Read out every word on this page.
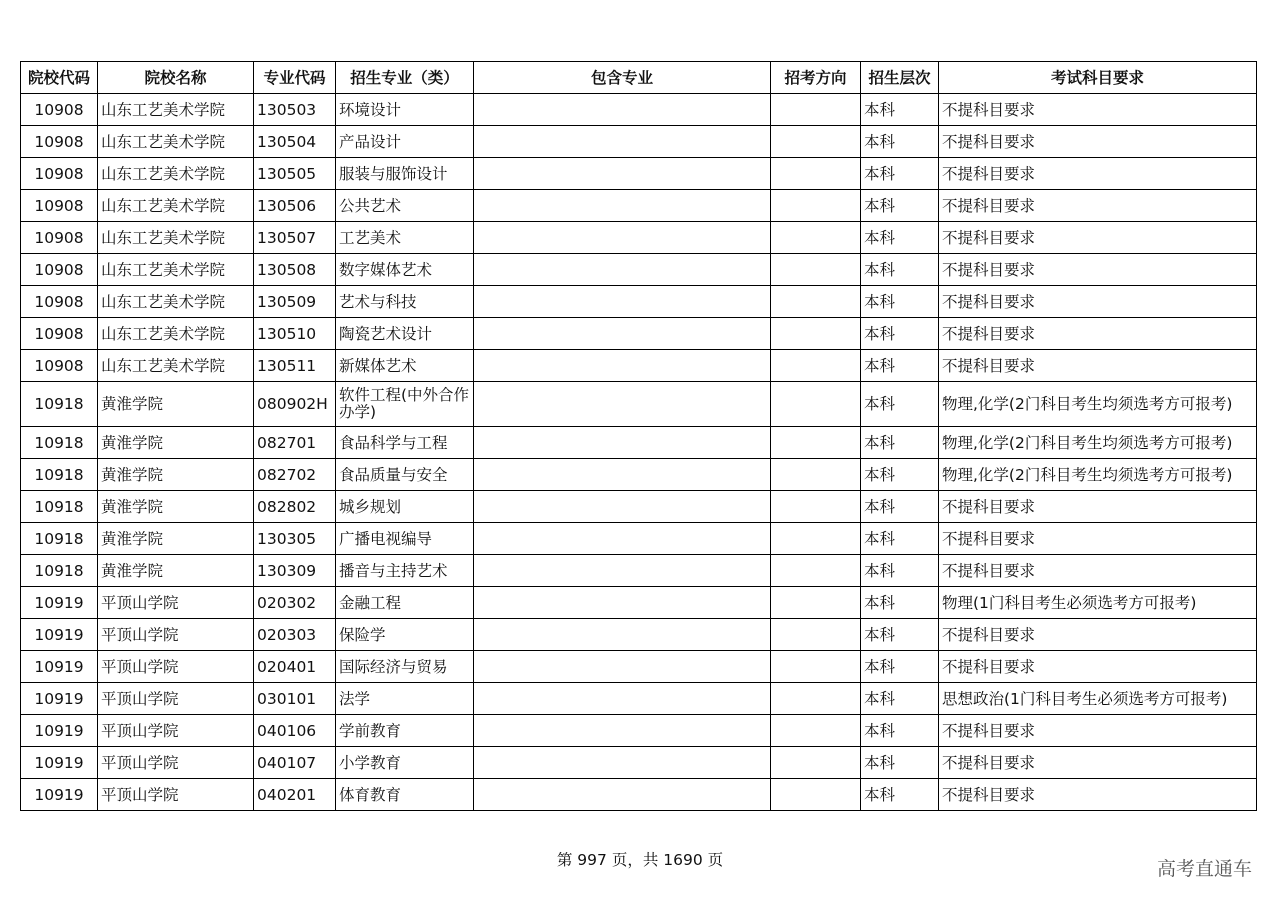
院校代码	院校名称	专业代码	招生专业（类）	包含专业	招考方向	招生层次	考试科目要求
10908	山东工艺美术学院	130503	环境设计			本科	不提科目要求
10908	山东工艺美术学院	130504	产品设计			本科	不提科目要求
10908	山东工艺美术学院	130505	服装与服饰设计			本科	不提科目要求
10908	山东工艺美术学院	130506	公共艺术			本科	不提科目要求
10908	山东工艺美术学院	130507	工艺美术			本科	不提科目要求
10908	山东工艺美术学院	130508	数字媒体艺术			本科	不提科目要求
10908	山东工艺美术学院	130509	艺术与科技			本科	不提科目要求
10908	山东工艺美术学院	130510	陶瓷艺术设计			本科	不提科目要求
10908	山东工艺美术学院	130511	新媒体艺术			本科	不提科目要求
10918	黄淮学院	080902H	软件工程(中外合作办学)			本科	物理,化学(2门科目考生均须选考方可报考)
10918	黄淮学院	082701	食品科学与工程			本科	物理,化学(2门科目考生均须选考方可报考)
10918	黄淮学院	082702	食品质量与安全			本科	物理,化学(2门科目考生均须选考方可报考)
10918	黄淮学院	082802	城乡规划			本科	不提科目要求
10918	黄淮学院	130305	广播电视编导			本科	不提科目要求
10918	黄淮学院	130309	播音与主持艺术			本科	不提科目要求
10919	平顶山学院	020302	金融工程			本科	物理(1门科目考生必须选考方可报考)
10919	平顶山学院	020303	保险学			本科	不提科目要求
10919	平顶山学院	020401	国际经济与贸易			本科	不提科目要求
10919	平顶山学院	030101	法学			本科	思想政治(1门科目考生必须选考方可报考)
10919	平顶山学院	040106	学前教育			本科	不提科目要求
10919	平顶山学院	040107	小学教育			本科	不提科目要求
10919	平顶山学院	040201	体育教育			本科	不提科目要求
第 997 页，共 1690 页	高考直通车
